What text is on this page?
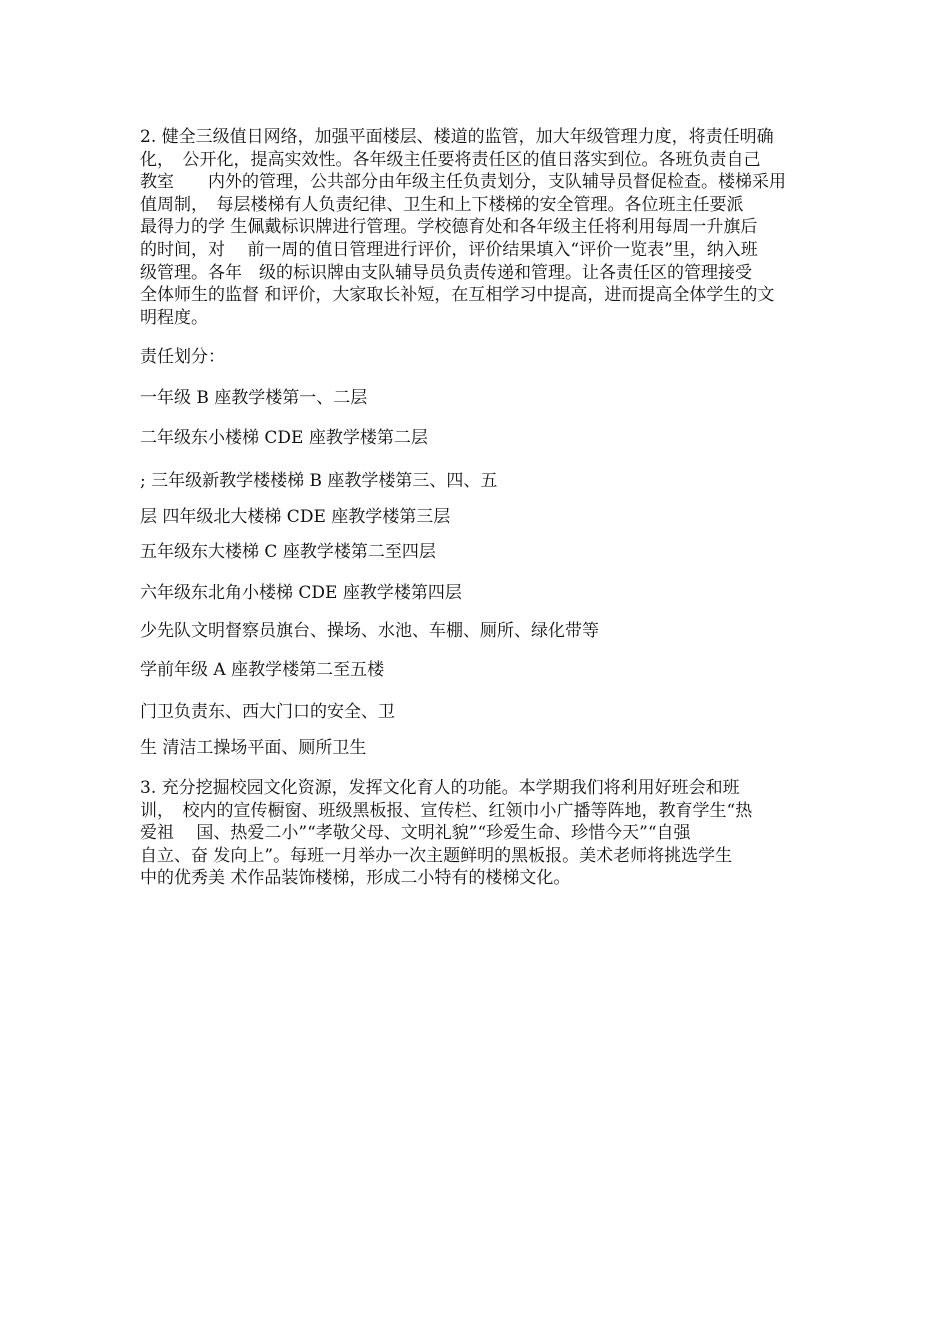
2. 健全三级值日网络，加强平面楼层、楼道的监管，加大年级管理力度，将责任明确
化，　公开化，提高实效性。各年级主任要将责任区的值日落实到位。各班负责自己
教室　　内外的管理，公共部分由年级主任负责划分，支队辅导员督促检查。楼梯采用
值周制，　每层楼梯有人负责纪律、卫生和上下楼梯的安全管理。各位班主任要派
最得力的学 生佩戴标识牌进行管理。学校德育处和各年级主任将利用每周一升旗后
的时间，对　 前一周的值日管理进行评价，评价结果填入“评价一览表”里，纳入班
级管理。各年　级的标识牌由支队辅导员负责传递和管理。让各责任区的管理接受
全体师生的监督 和评价，大家取长补短，在互相学习中提高，进而提高全体学生的文
明程度。
责任划分：
一年级 B 座教学楼第一、二层
二年级东小楼梯 CDE 座教学楼第二层
; 三年级新教学楼楼梯 B 座教学楼第三、四、五
层 四年级北大楼梯 CDE 座教学楼第三层
五年级东大楼梯 C 座教学楼第二至四层
六年级东北角小楼梯 CDE 座教学楼第四层
少先队文明督察员旗台、操场、水池、车棚、厕所、绿化带等
学前年级 A 座教学楼第二至五楼
门卫负责东、西大门口的安全、卫
生 清洁工操场平面、厕所卫生
3. 充分挖掘校园文化资源，发挥文化育人的功能。本学期我们将利用好班会和班
训，　校内的宣传橱窗、班级黑板报、宣传栏、红领巾小广播等阵地，教育学生“热
爱祖　 国、热爱二小”“孝敬父母、文明礼貌”“珍爱生命、珍惜今天”“自强
自立、奋 发向上”。每班一月举办一次主题鲜明的黑板报。美术老师将挑选学生
中的优秀美 术作品装饰楼梯，形成二小特有的楼梯文化。
